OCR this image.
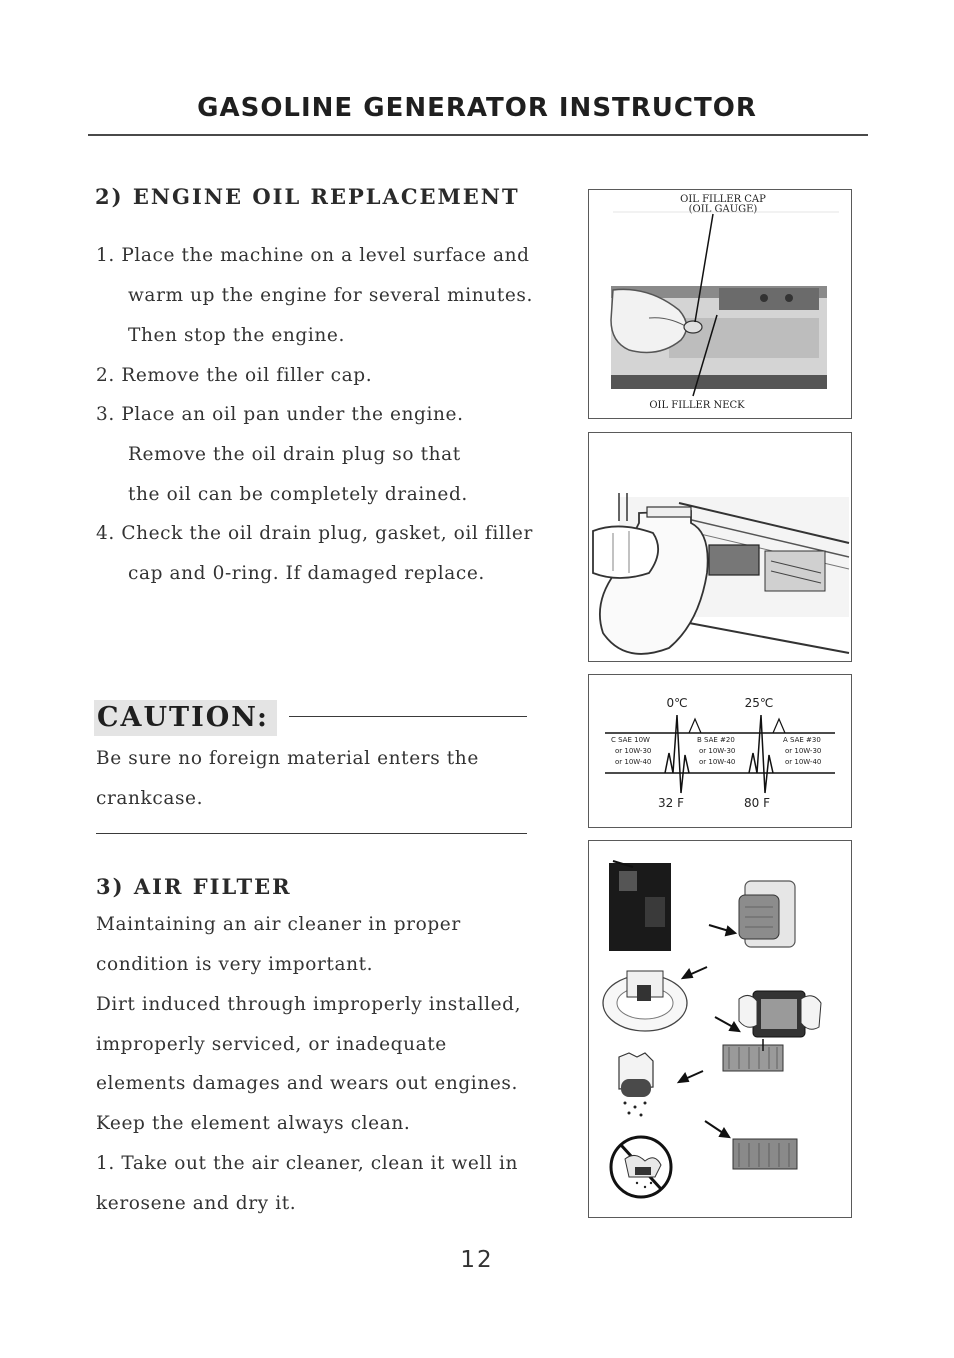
GASOLINE GENERATOR INSTRUCTOR
2) ENGINE OIL REPLACEMENT
1. Place the machine on a level surface and
warm up the engine for several minutes.
Then stop the engine.
2. Remove the oil filler cap.
3. Place an oil pan under the engine.
Remove the oil drain plug so that
the oil can be completely drained.
4. Check the oil drain plug, gasket, oil filler
cap and 0-ring. If damaged replace.
CAUTION:
Be sure no foreign material enters the
crankcase.
3) AIR FILTER
Maintaining an air cleaner in proper
condition is very important.
Dirt induced through improperly installed,
improperly serviced, or inadequate
elements damages and wears out engines.
Keep the element always clean.
1. Take out the air cleaner, clean it well in
kerosene and dry it.
OIL FILLER CAP
(OIL GAUGE)
OIL FILLER NECK
0℃	25℃
C SAE 10W
or 10W-30
or 10W-40
B SAE #20
or 10W-30
or 10W-40
A SAE #30
or 10W-30
or 10W-40
32 F	80 F
12
